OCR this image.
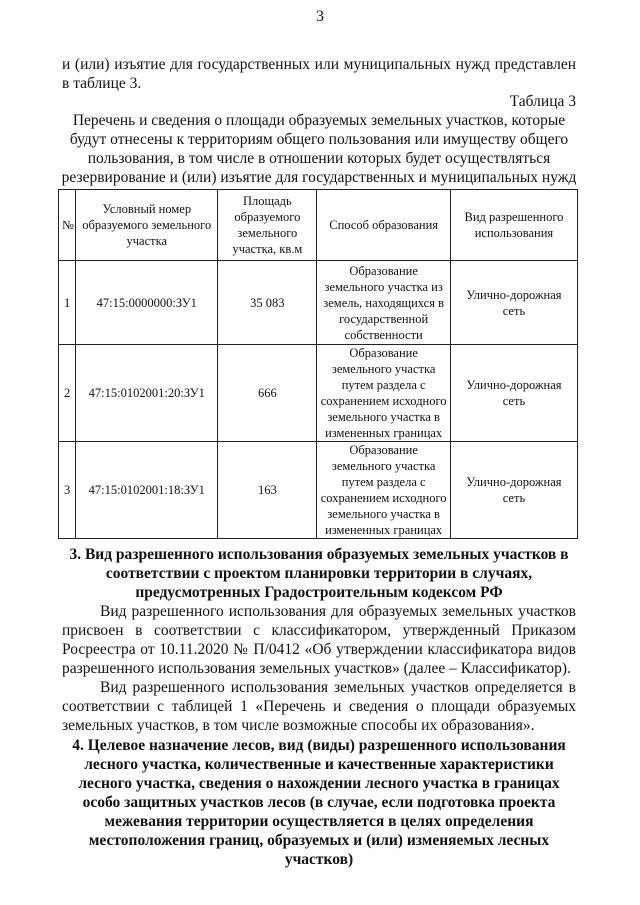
3
и (или) изъятие для государственных или муниципальных нужд представлен в таблице 3.
Таблица 3
Перечень и сведения о площади образуемых земельных участков, которые будут отнесены к территориям общего пользования или имуществу общего пользования, в том числе в отношении которых будет осуществляться резервирование и (или) изъятие для государственных и муниципальных нужд
№	Условный номер образуемого земельного участка	Площадь образуемого земельного участка, кв.м	Способ образования	Вид разрешенного использования
1	47:15:0000000:ЗУ1	35 083	Образование земельного участка из земель, находящихся в государственной собственности	Улично-дорожная сеть
2	47:15:0102001:20:ЗУ1	666	Образование земельного участка путем раздела с сохранением исходного земельного участка в измененных границах	Улично-дорожная сеть
3	47:15:0102001:18:ЗУ1	163	Образование земельного участка путем раздела с сохранением исходного земельного участка в измененных границах	Улично-дорожная сеть
3. Вид разрешенного использования образуемых земельных участков в соответствии с проектом планировки территории в случаях, предусмотренных Градостроительным кодексом РФ
Вид разрешенного использования для образуемых земельных участков присвоен в соответствии с классификатором, утвержденный Приказом Росреестра от 10.11.2020 № П/0412 «Об утверждении классификатора видов разрешенного использования земельных участков» (далее – Классификатор).
Вид разрешенного использования земельных участков определяется в соответствии с таблицей 1 «Перечень и сведения о площади образуемых земельных участков, в том числе возможные способы их образования».
4. Целевое назначение лесов, вид (виды) разрешенного использования лесного участка, количественные и качественные характеристики лесного участка, сведения о нахождении лесного участка в границах особо защитных участков лесов (в случае, если подготовка проекта межевания территории осуществляется в целях определения местоположения границ, образуемых и (или) изменяемых лесных участков)
